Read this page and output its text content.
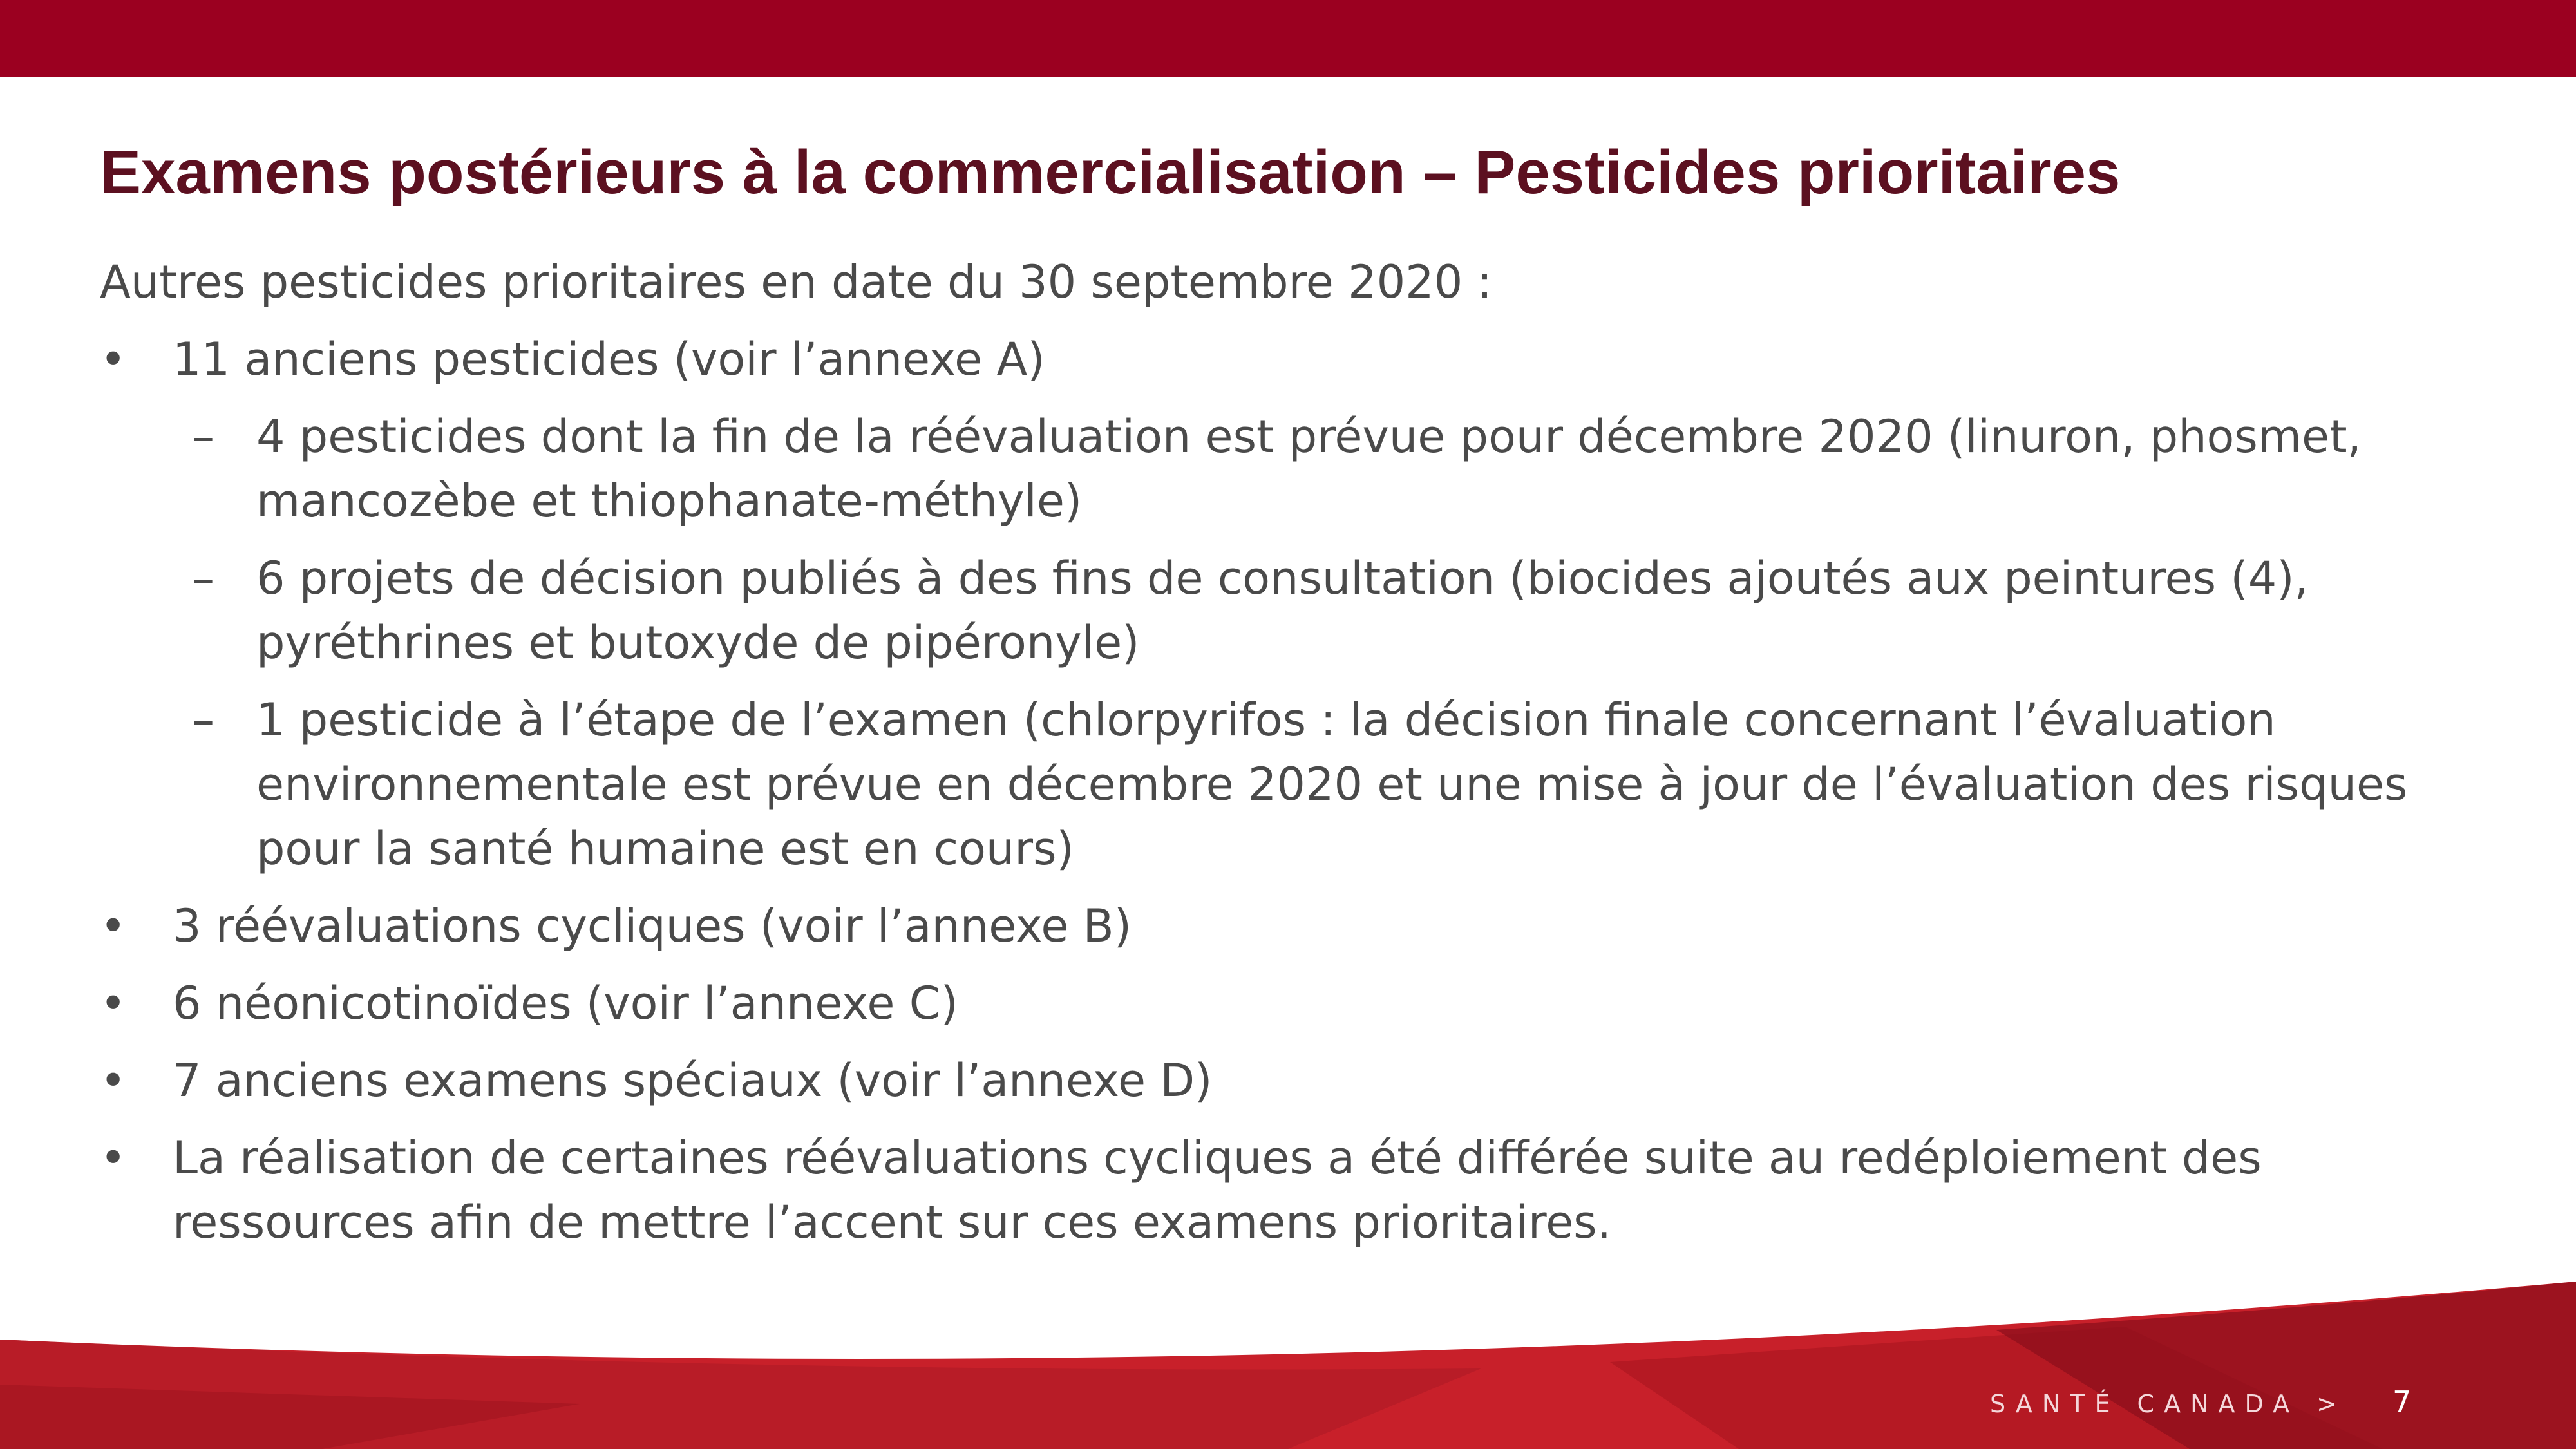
Examens postérieurs à la commercialisation – Pesticides prioritaires

Autres pesticides prioritaires en date du 30 septembre 2020 :

• 11 anciens pesticides (voir l’annexe A)
– 4 pesticides dont la fin de la réévaluation est prévue pour décembre 2020 (linuron, phosmet,
mancozèbe et thiophanate-méthyle)
– 6 projets de décision publiés à des fins de consultation (biocides ajoutés aux peintures (4),
pyréthrines et butoxyde de pipéronyle)
– 1 pesticide à l’étape de l’examen (chlorpyrifos : la décision finale concernant l’évaluation
environnementale est prévue en décembre 2020 et une mise à jour de l’évaluation des risques
pour la santé humaine est en cours)
• 3 réévaluations cycliques (voir l’annexe B)
• 6 néonicotinoïdes (voir l’annexe C)
• 7 anciens examens spéciaux (voir l’annexe D)
• La réalisation de certaines réévaluations cycliques a été différée suite au redéploiement des
ressources afin de mettre l’accent sur ces examens prioritaires.
SANTÉ CANADA > 7
